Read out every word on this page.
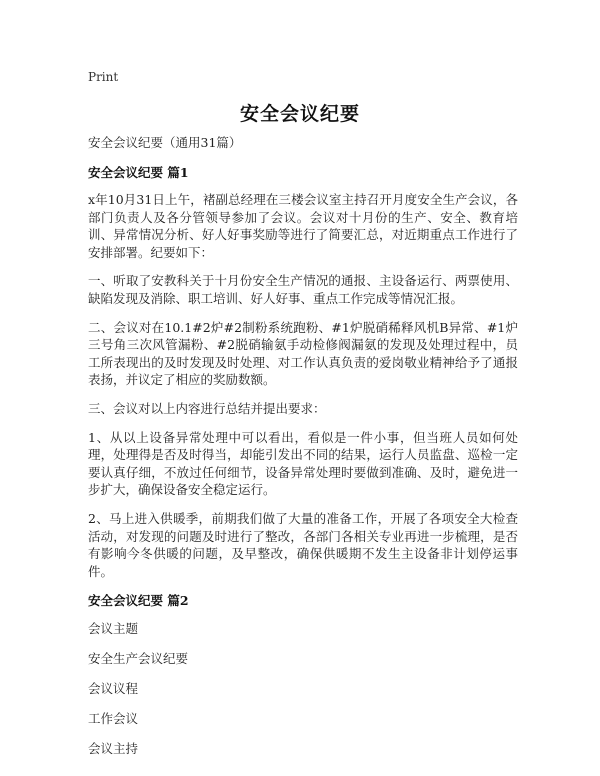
Print
安全会议纪要
安全会议纪要（通用31篇）
安全会议纪要 篇1

x年10月31日上午，褚副总经理在三楼会议室主持召开月度安全生产会议，各部门负责人及各分管领导参加了会议。会议对十月份的生产、安全、教育培训、异常情况分析、好人好事奖励等进行了简要汇总，对近期重点工作进行了安排部署。纪要如下：

一、听取了安教科关于十月份安全生产情况的通报、主设备运行、两票使用、缺陷发现及消除、职工培训、好人好事、重点工作完成等情况汇报。

二、会议对在10.1#2炉#2制粉系统跑粉、#1炉脱硝稀释风机B异常、#1炉三号角三次风管漏粉、#2脱硝输氨手动检修阀漏氨的发现及处理过程中，员工所表现出的及时发现及时处理、对工作认真负责的爱岗敬业精神给予了通报表扬，并议定了相应的奖励数额。

三、会议对以上内容进行总结并提出要求：

1、从以上设备异常处理中可以看出，看似是一件小事，但当班人员如何处理，处理得是否及时得当，却能引发出不同的结果，运行人员监盘、巡检一定要认真仔细，不放过任何细节，设备异常处理时要做到准确、及时，避免进一步扩大，确保设备安全稳定运行。

2、马上进入供暖季，前期我们做了大量的准备工作，开展了各项安全大检查活动，对发现的问题及时进行了整改，各部门各相关专业再进一步梳理，是否有影响今冬供暖的问题，及早整改，确保供暖期不发生主设备非计划停运事件。

安全会议纪要 篇2
会议主题
安全生产会议纪要
会议议程
工作会议
会议主持
